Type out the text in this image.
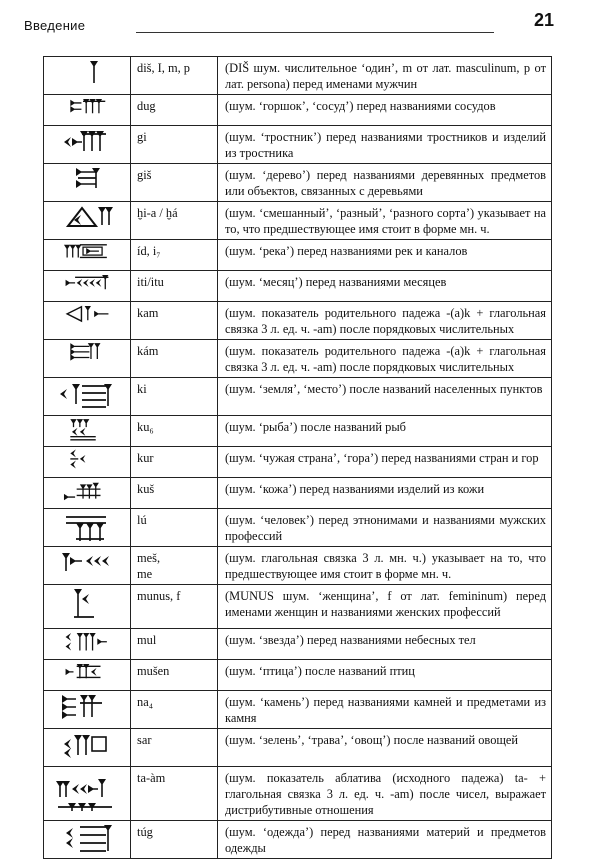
Введение	21
	diš, I, m, p	(DIŠ шум. числительное ‘один’, m от лат. masculinum, p от лат. persona) перед именами мужчин

	dug	(шум. ‘горшок’, ‘сосуд’) перед названиями сосудов

	gi	(шум. ‘тростник’) перед названиями тростников и изделий из тростника

	giš	(шум. ‘дерево’) перед названиями деревянных предметов или объектов, связанных с деревьями

	ḫi-a / ḫá	(шум. ‘смешанный’, ‘разный’, ‘разного сорта’) указывает на то, что предшествующее имя стоит в форме мн. ч.

	íd, i₇	(шум. ‘река’) перед названиями рек и каналов

	iti/itu	(шум. ‘месяц’) перед названиями месяцев

	kam	(шум. показатель родительного падежа -(a)k + глагольная связка 3 л. ед. ч. -am) после порядковых числительных

	kám	(шум. показатель родительного падежа -(a)k + глагольная связка 3 л. ед. ч. -am) после порядковых числительных

	ki	(шум. ‘земля’, ‘место’) после названий населенных пунктов

	ku₆	(шум. ‘рыба’) после названий рыб

	kur	(шум. ‘чужая страна’, ‘гора’) перед названиями стран и гор

	kuš	(шум. ‘кожа’) перед названиями изделий из кожи

	lú	(шум. ‘человек’) перед этнонимами и названиями мужских профессий

	meš,
me	(шум. глагольная связка 3 л. мн. ч.) указывает на то, что предшествующее имя стоит в форме мн. ч.

	munus, f	(MUNUS шум. ‘женщина’, f от лат. femininum) перед именами женщин и названиями женских профессий

	mul	(шум. ‘звезда’) перед названиями небесных тел

	mušen	(шум. ‘птица’) после названий птиц

	na₄	(шум. ‘камень’) перед названиями камней и предметами из камня

	sar	(шум. ‘зелень’, ‘трава’, ‘овощ’) после названий овощей

	ta-àm	(шум. показатель аблатива (исходного падежа) ta- + глагольная связка 3 л. ед. ч. -am) после чисел, выражает дистрибутивные отношения

	túg	(шум. ‘одежда’) перед названиями материй и предметов одежды
